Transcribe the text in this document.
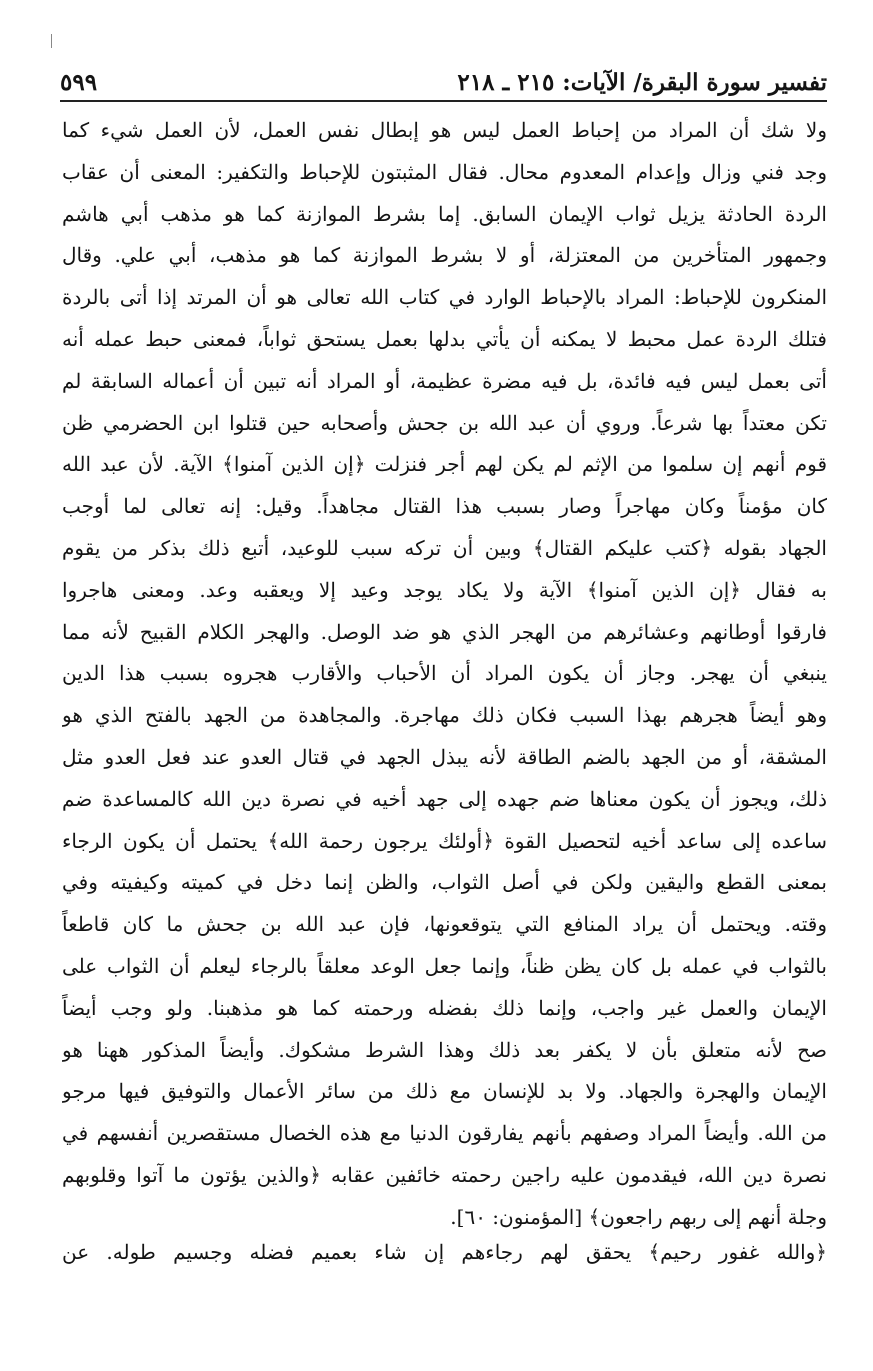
تفسير سورة البقرة/ الآيات: ٢١٥ ـ ٢١٨
٥٩٩
ولا شك أن المراد من إحباط العمل ليس هو إبطال نفس العمل، لأن العمل شيء كما
وجد فني وزال وإعدام المعدوم محال. فقال المثبتون للإحباط والتكفير: المعنى أن عقاب
الردة الحادثة يزيل ثواب الإيمان السابق. إما بشرط الموازنة كما هو مذهب أبي هاشم
وجمهور المتأخرين من المعتزلة، أو لا بشرط الموازنة كما هو مذهب، أبي علي. وقال
المنكرون للإحباط: المراد بالإحباط الوارد في كتاب الله تعالى هو أن المرتد إذا أتى بالردة
فتلك الردة عمل محبط لا يمكنه أن يأتي بدلها بعمل يستحق ثواباً، فمعنى حبط عمله أنه
أتى بعمل ليس فيه فائدة، بل فيه مضرة عظيمة، أو المراد أنه تبين أن أعماله السابقة لم
تكن معتداً بها شرعاً. وروي أن عبد الله بن جحش وأصحابه حين قتلوا ابن الحضرمي ظن
قوم أنهم إن سلموا من الإثم لم يكن لهم أجر فنزلت ﴿إن الذين آمنوا﴾ الآية. لأن عبد الله
كان مؤمناً وكان مهاجراً وصار بسبب هذا القتال مجاهداً. وقيل: إنه تعالى لما أوجب
الجهاد بقوله ﴿كتب عليكم القتال﴾ وبين أن تركه سبب للوعيد، أتبع ذلك بذكر من يقوم
به فقال ﴿إن الذين آمنوا﴾ الآية ولا يكاد يوجد وعيد إلا ويعقبه وعد. ومعنى هاجروا
فارقوا أوطانهم وعشائرهم من الهجر الذي هو ضد الوصل. والهجر الكلام القبيح لأنه مما
ينبغي أن يهجر. وجاز أن يكون المراد أن الأحباب والأقارب هجروه بسبب هذا الدين
وهو أيضاً هجرهم بهذا السبب فكان ذلك مهاجرة. والمجاهدة من الجهد بالفتح الذي هو
المشقة، أو من الجهد بالضم الطاقة لأنه يبذل الجهد في قتال العدو عند فعل العدو مثل
ذلك، ويجوز أن يكون معناها ضم جهده إلى جهد أخيه في نصرة دين الله كالمساعدة ضم
ساعده إلى ساعد أخيه لتحصيل القوة ﴿أولئك يرجون رحمة الله﴾ يحتمل أن يكون الرجاء
بمعنى القطع واليقين ولكن في أصل الثواب، والظن إنما دخل في كميته وكيفيته وفي
وقته. ويحتمل أن يراد المنافع التي يتوقعونها، فإن عبد الله بن جحش ما كان قاطعاً
بالثواب في عمله بل كان يظن ظناً، وإنما جعل الوعد معلقاً بالرجاء ليعلم أن الثواب على
الإيمان والعمل غير واجب، وإنما ذلك بفضله ورحمته كما هو مذهبنا. ولو وجب أيضاً
صح لأنه متعلق بأن لا يكفر بعد ذلك وهذا الشرط مشكوك. وأيضاً المذكور ههنا هو
الإيمان والهجرة والجهاد. ولا بد للإنسان مع ذلك من سائر الأعمال والتوفيق فيها مرجو
من الله. وأيضاً المراد وصفهم بأنهم يفارقون الدنيا مع هذه الخصال مستقصرين أنفسهم في
نصرة دين الله، فيقدمون عليه راجين رحمته خائفين عقابه ﴿والذين يؤتون ما آتوا وقلوبهم
وجلة أنهم إلى ربهم راجعون﴾ [المؤمنون: ٦٠].
﴿والله غفور رحيم﴾ يحقق لهم رجاءهم إن شاء بعميم فضله وجسيم طوله. عن
